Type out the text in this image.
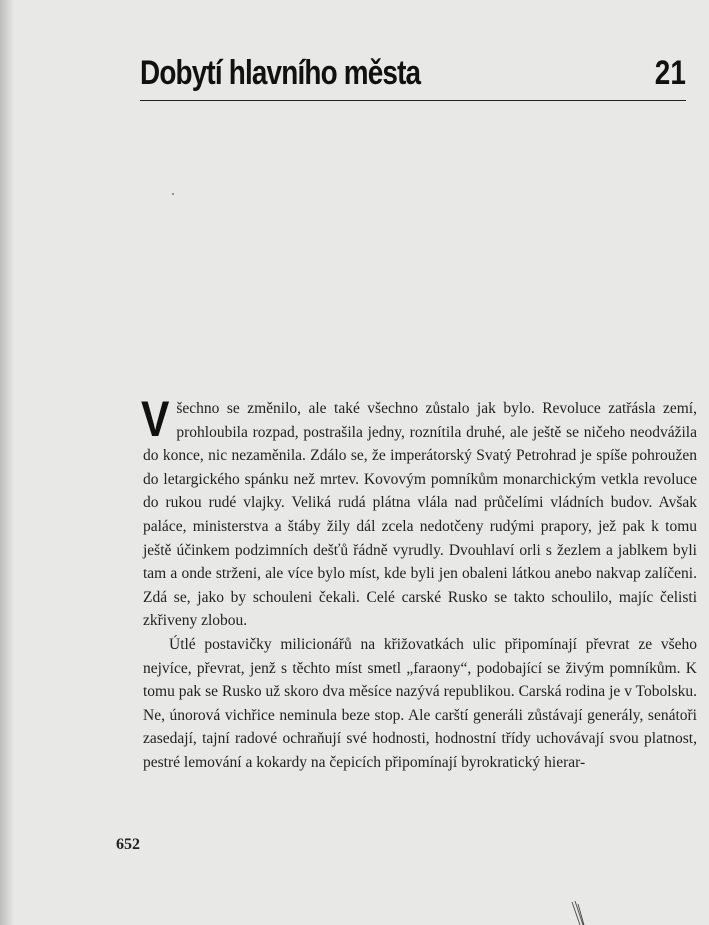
Dobytí hlavního města	21

Všechno se změnilo, ale také všechno zůstalo jak bylo. Revoluce zatřásla zemí, prohloubila rozpad, postrašila jedny, roznítila druhé, ale ještě se ničeho neodvážila do konce, nic nezaměnila. Zdálo se, že imperátorský Svatý Petrohrad je spíše pohroužen do letargického spánku než mrtev. Kovovým pomníkům monarchickým vetkla revoluce do rukou rudé vlajky. Veliká rudá plátna vlála nad průčelími vládních budov. Avšak paláce, ministerstva a štáby žily dál zcela nedotčeny rudými prapory, jež pak k tomu ještě účinkem podzimních dešťů řádně vyrudly. Dvouhlaví orli s žezlem a jablkem byli tam a onde strženi, ale více bylo míst, kde byli jen obaleni látkou anebo nakvap zalíčeni. Zdá se, jako by schouleni čekali. Celé carské Rusko se takto schoulilo, majíc čelisti zkřiveny zlobou.

Útlé postavičky milicionářů na křižovatkách ulic připomínají převrat ze všeho nejvíce, převrat, jenž s těchto míst smetl „faraony“, podobající se živým pomníkům. K tomu pak se Rusko už skoro dva měsíce nazývá republikou. Carská rodina je v Tobolsku. Ne, únorová vichřice neminula beze stop. Ale carští generáli zůstávají generály, senátoři zasedají, tajní radové ochraňují své hodnosti, hodnostní třídy uchovávají svou platnost, pestré lemování a kokardy na čepicích připomínají byrokratický hierar-

652
